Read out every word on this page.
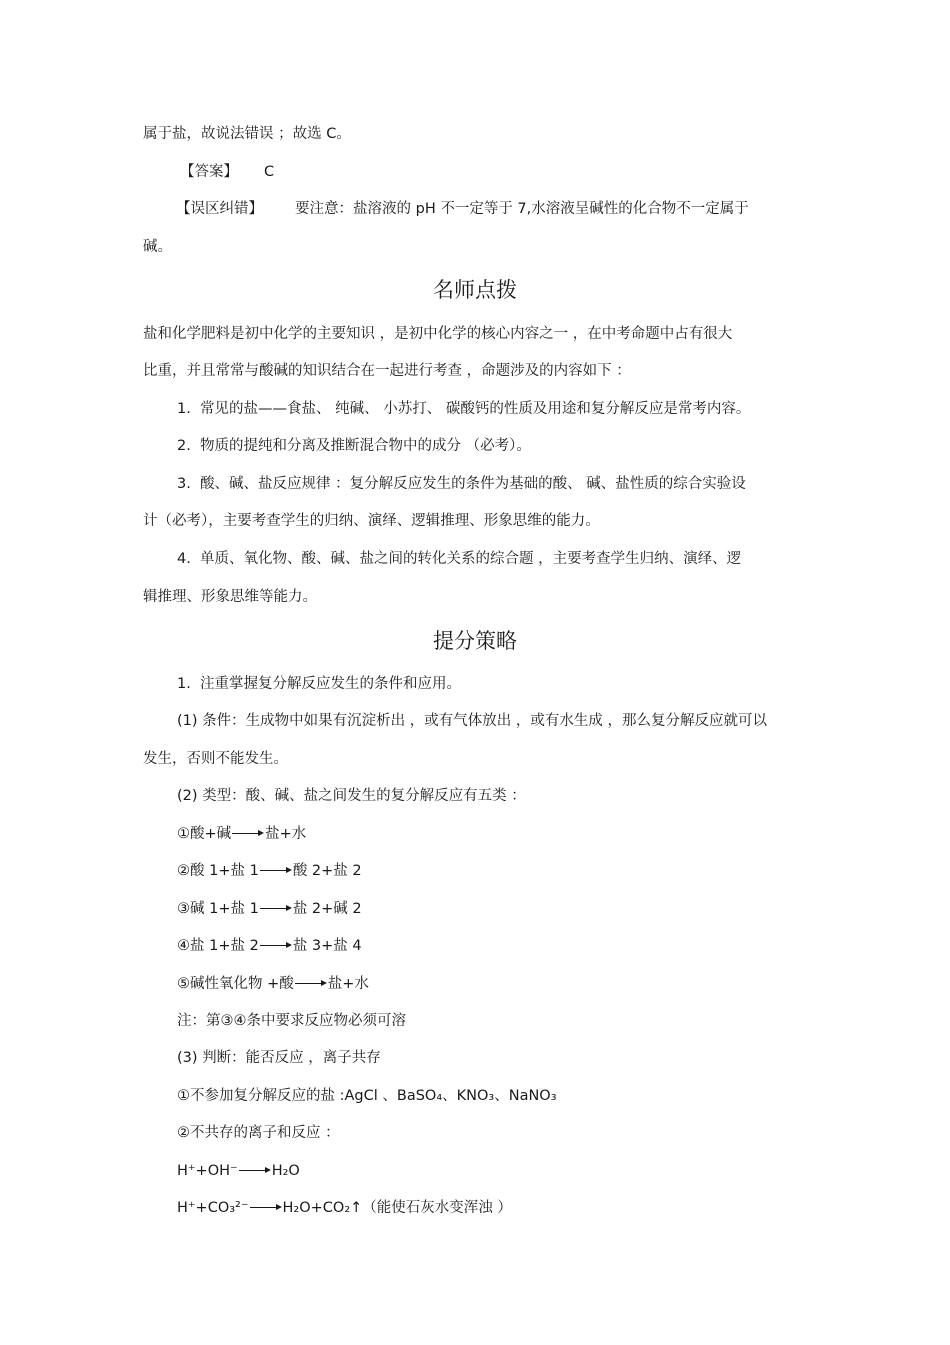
属于盐，故说法错误 ；故选 C。
【答案】 C
【误区纠错】 要注意：盐溶液的 pH 不一定等于 7,水溶液呈碱性的化合物不一定属于
碱。
名师点拨
盐和化学肥料是初中化学的主要知识 ，是初中化学的核心内容之一 ，在中考命题中占有很大
比重，并且常常与酸碱的知识结合在一起进行考查 ，命题涉及的内容如下 ：
1.  常见的盐——食盐、 纯碱、 小苏打、 碳酸钙的性质及用途和复分解反应是常考内容。
2.  物质的提纯和分离及推断混合物中的成分 （必考）。
3.  酸、碱、盐反应规律 ：复分解反应发生的条件为基础的酸、 碱、盐性质的综合实验设
计（必考），主要考查学生的归纳、演绎、逻辑推理、形象思维的能力。
4.  单质、氧化物、酸、碱、盐之间的转化关系的综合题 ，主要考查学生归纳、演绎、逻
辑推理、形象思维等能力。
提分策略
1.  注重掌握复分解反应发生的条件和应用。
(1) 条件：生成物中如果有沉淀析出 ，或有气体放出 ，或有水生成 ，那么复分解反应就可以
发生，否则不能发生。
(2) 类型：酸、碱、盐之间发生的复分解反应有五类 ：
①酸+碱 盐+水
②酸 1+盐 1 酸 2+盐 2
③碱 1+盐 1 盐 2+碱 2
④盐 1+盐 2 盐 3+盐 4
⑤碱性氧化物 +酸 盐+水
注：第③④条中要求反应物必须可溶
(3) 判断：能否反应 ，离子共存
①不参加复分解反应的盐 :AgCl 、BaSO₄、KNO₃、NaNO₃
②不共存的离子和反应 ：
H⁺+OH⁻ H₂O
H⁺+CO₃²⁻ H₂O+CO₂↑（能使石灰水变浑浊 ）
